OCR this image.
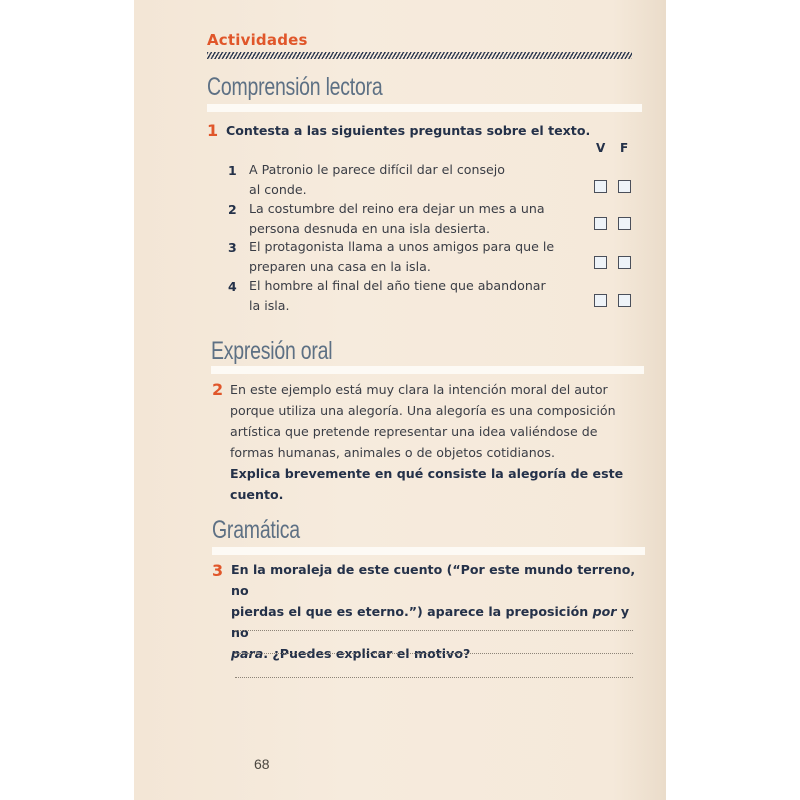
Actividades
Comprensión lectora
1 Contesta a las siguientes preguntas sobre el texto.
V F
1 A Patronio le parece difícil dar el consejo
al conde.
2 La costumbre del reino era dejar un mes a una
persona desnuda en una isla desierta.
3 El protagonista llama a unos amigos para que le
preparen una casa en la isla.
4 El hombre al final del año tiene que abandonar
la isla.
Expresión oral
2 En este ejemplo está muy clara la intención moral del autor
porque utiliza una alegoría. Una alegoría es una composición
artística que pretende representar una idea valiéndose de
formas humanas, animales o de objetos cotidianos.
Explica brevemente en qué consiste la alegoría de este
cuento.
Gramática
3 En la moraleja de este cuento (“Por este mundo terreno, no
pierdas el que es eterno.”) aparece la preposición por y no
para. ¿Puedes explicar el motivo?
68
